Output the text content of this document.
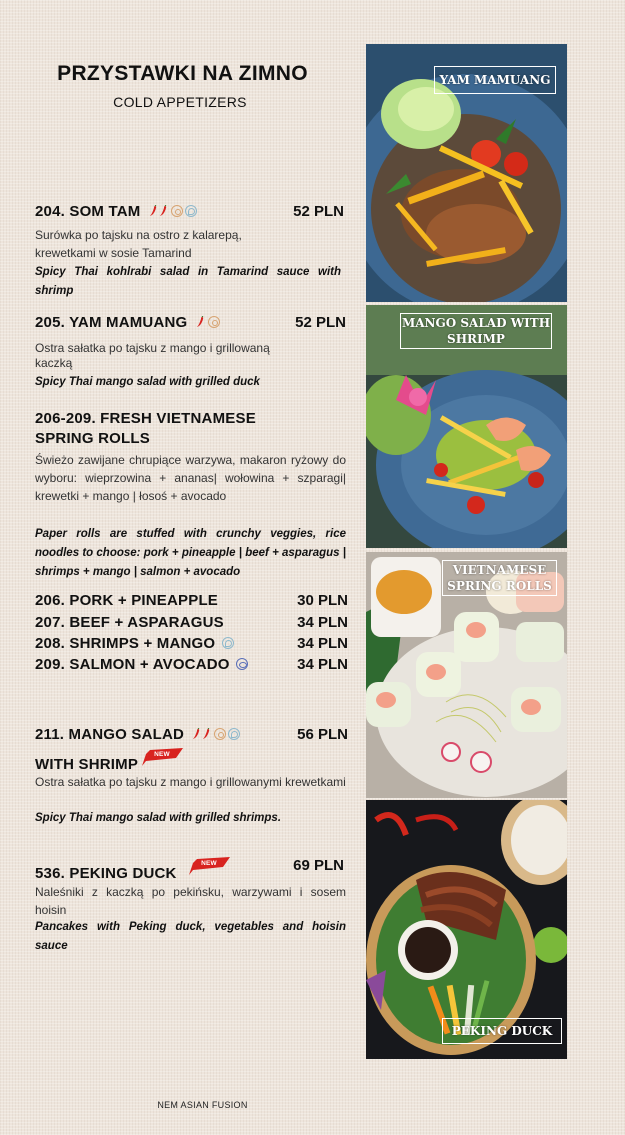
PRZYSTAWKI NA ZIMNO
COLD APPETIZERS
204. SOM TAM	52 PLN
Surówka po tajsku na ostro z kalarepą, krewetkami w sosie Tamarind
Spicy Thai kohlrabi salad in Tamarind sauce with shrimp
205. YAM MAMUANG	52 PLN
Ostra sałatka po tajsku z mango i grillowaną kaczką
Spicy Thai mango salad with grilled duck
206-209. FRESH VIETNAMESE
SPRING ROLLS
Świeżo zawijane chrupiące warzywa, makaron ryżowy do wyboru: wieprzowina + ananas| wołowina + szparagi| krewetki + mango | łosoś + avocado
Paper rolls are stuffed with crunchy veggies, rice noodles to choose: pork + pineapple | beef + asparagus | shrimps + mango | salmon + avocado
206. PORK + PINEAPPLE	30 PLN
207. BEEF + ASPARAGUS	34 PLN
208. SHRIMPS + MANGO	34 PLN
209. SALMON + AVOCADO	34 PLN
211. MANGO SALAD
WITH SHRIMP
56 PLN
Ostra sałatka po tajsku z mango i grillowanymi krewetkami
Spicy Thai mango salad with grilled shrimps.
536. PEKING DUCK
NEW	69 PLN
Naleśniki z kaczką po pekińsku, warzywami i sosem hoisin
Pancakes with Peking duck, vegetables and hoisin sauce
YAM MAMUANG
MANGO SALAD WITH SHRIMP
VIETNAMESE
SPRING ROLLS
PEKING DUCK
NEM ASIAN FUSION
